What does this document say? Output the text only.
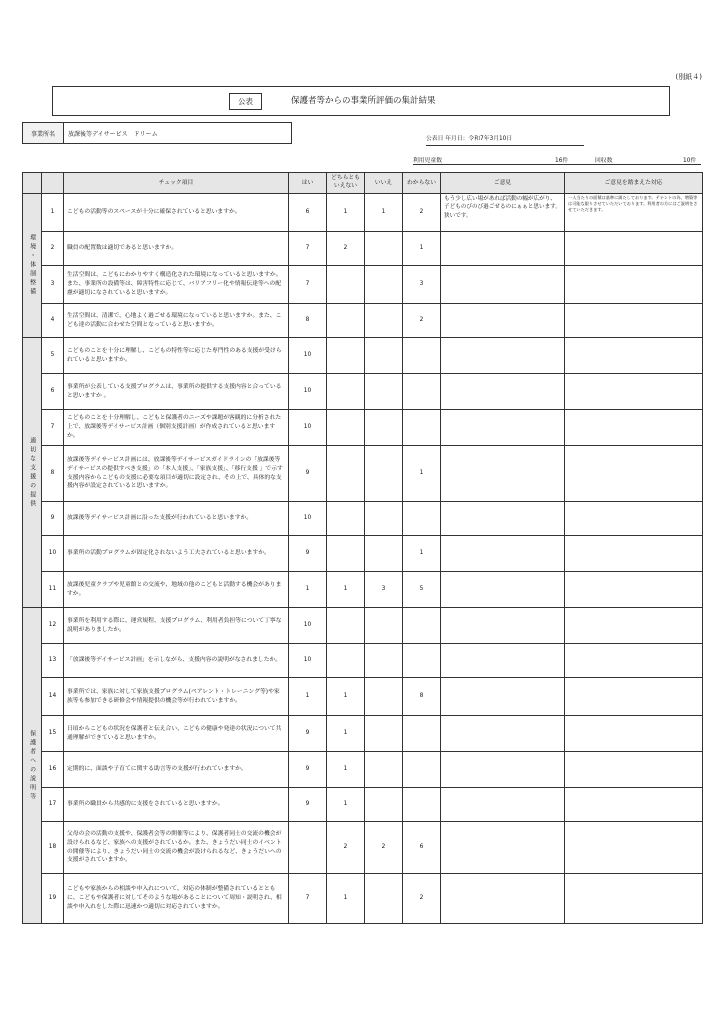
(別紙４)
公表	保護者等からの事業所評価の集計結果
事業所名	放課後等デイサービス　ドリーム
公表日 年月日：令和7年3月10日
利用児童数	16件	回収数	10件
		チェック項目	はい	どちらとも
いえない	いいえ	わからない	ご意見	ご意見を踏まえた対応

環境・体制整備	1	こどもの活動等のスペースが十分に確保されていると思いますか。	6	1	1	2	もう少し広い場があれば活動の幅が広がり、子どものびのび過ごせるのにぁぁと思います。狭いです。	一人当たりの面積は基準に満たしております。テナントの為、増築等は可能な限りさせていただいております。利用者の方にはご説明をさせていただきます。
	2	職員の配置数は適切であると思いますか。	7	2		1		
	3	生活空間は、こどもにわかりやすく構造化された環境になっていると思いますか。また、事業所の設備等は、障害特性に応じて、バリアフリー化や情報伝達等への配慮が適切になされていると思いますか。	7			3		
	4	生活空間は、清潔で、心地よく過ごせる環境になっていると思いますか。また、こども達の活動に合わせた空間となっていると思いますか。	8			2		

適切な支援の提供	5	こどものことを十分に理解し、こどもの特性等に応じた専門性のある支援が受けられていると思いますか。	10					
	6	事業所が公表している支援プログラムは、事業所の提供する支援内容と合っていると思いますか 。	10					
	7	こどものことを十分理解し、こどもと保護者のニーズや課題が客観的に分析された上で、放課後等デイサービス計画（個別支援計画）が作成されていると思いますか。	10					
	8	放課後等デイサービス計画には、放課後等デイサービスガイドラインの「放課後等デイサービスの提供すべき支援」の「本人支援」、「家族支援」、「移行支援 」で示す支援内容からこどもの支援に必要な項目が適切に設定され、その上で、具体的な支援内容が設定されていると思いますか。	9			1		
	9	放課後等デイサービス計画に沿った支援が行われていると思いますか。	10					
	10	事業所の活動プログラムが固定化されないよう工夫されていると思いますか。	9			1		
	11	放課後児童クラブや児童館との交流や、地域の他のこどもと活動する機会がありますか。	1	1	3	5		

保護者への説明等	12	事業所を利用する際に、運営規程、支援プログラム、利用者負担等について丁寧な説明がありましたか。	10					
	13	「放課後等デイサービス計画」を示しながら、支援内容の説明がなされましたか。	10					
	14	事業所では、家族に対して家族支援プログラム(ペアレント・トレーニング等)や家族等も参加できる研修会や情報提供の機会等が行われていますか。	1	1		8		
	15	日頃からこどもの状況を保護者と伝え合い、こどもの健康や発達の状況について共通理解ができていると思いますか。	9	1				
	16	定期的に、面談や子育てに関する助言等の支援が行われていますか。	9	1				
	17	事業所の職員から共感的に支援をされていると思いますか。	9	1				
	18	父母の会の活動の支援や、保護者会等の開催等により、保護者同士の交流の機会が設けられるなど、家族への支援がされているか。また、きょうだい同士のイベントの開催等により、きょうだい同士の交流の機会が設けられるなど、きょうだいへの支援がされていますか。		2	2	6		
	19	こどもや家族からの相談や申入れについて、対応の体制が整備されているとともに、こどもや保護者に対してそのような場があることについて周知・説明され、相談や申入れをした際に迅速かつ適切に対応されていますか。	7	1		2		
